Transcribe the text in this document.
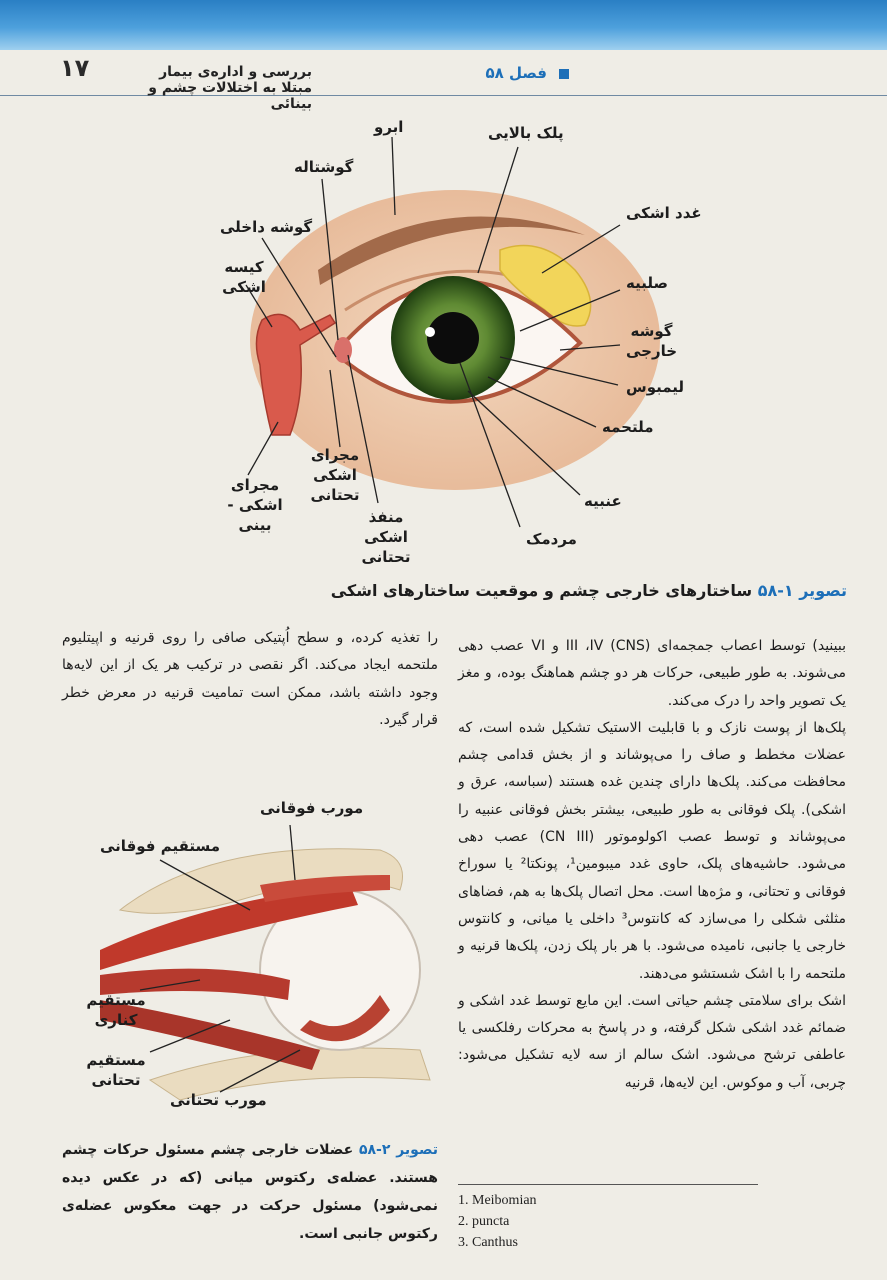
۱۷	فصل ۵۸
بررسی و اداره‌ی بیمار مبتلا به اختلالات چشم و بینائی
پلک بالایی
ابرو
گوشتاله
گوشه داخلی
کیسه اشکی
غدد اشکی
صلبیه
گوشه خارجی
لیمبوس
ملتحمه
عنبیه
مردمک
مجرای اشکی تحتانی
مجرای اشکی - بینی	منفذ اشکی تحتانی
تصویر ۱-۵۸ ساختارهای خارجی چشم و موقعیت ساختارهای اشکی

ببینید) توسط اعصاب جمجمه‌ای (CNS) III ،IV و VI عصب دهی می‌شوند. به طور طبیعی، حرکات هر دو چشم هماهنگ بوده، و مغز یک تصویر واحد را درک می‌کند.

پلک‌ها از پوست نازک و با قابلیت الاستیک تشکیل شده است، که عضلات مخطط و صاف را می‌پوشاند و از بخش قدامی چشم محافظت می‌کند. پلک‌ها دارای چندین غده هستند (سباسه، عرق و اشکی). پلک فوقانی به طور طبیعی، بیشتر بخش فوقانی عنبیه را می‌پوشاند و توسط عصب اکولوموتور (CN III) عصب دهی می‌شود. حاشیه‌های پلک، حاوی غدد میبومین¹، پونکتا² یا سوراخ فوقانی و تحتانی، و مژه‌ها است. محل اتصال پلک‌ها به هم، فضاهای مثلثی شکلی را می‌سازد که کانتوس³ داخلی یا میانی، و کانتوس خارجی یا جانبی، نامیده می‌شود. با هر بار پلک زدن، پلک‌ها قرنیه و ملتحمه را با اشک شستشو می‌دهند.

اشک برای سلامتی چشم حیاتی است. این مایع توسط غدد اشکی و ضمائم غدد اشکی شکل گرفته، و در پاسخ به محرکات رفلکسی یا عاطفی ترشح می‌شود. اشک سالم از سه لایه تشکیل می‌شود: چربی، آب و موکوس. این لایه‌ها، قرنیه

1. Meibomian
2. puncta
3. Canthus

را تغذیه کرده، و سطح اُپتیکی صافی را روی قرنیه و اپیتلیوم ملتحمه ایجاد می‌کند. اگر نقصی در ترکیب هر یک از این لایه‌ها وجود داشته باشد، ممکن است تمامیت قرنیه در معرض خطر قرار گیرد.

مورب فوقانی
مستقیم فوقانی
مستقیم کناری
مستقیم تحتانی
مورب تحتانی
تصویر ۲-۵۸ عضلات خارجی چشم مسئول حرکات چشم هستند. عضله‌ی رکتوس میانی (که در عکس دیده نمی‌شود) مسئول حرکت در جهت معکوس عضله‌ی رکتوس جانبی است.
